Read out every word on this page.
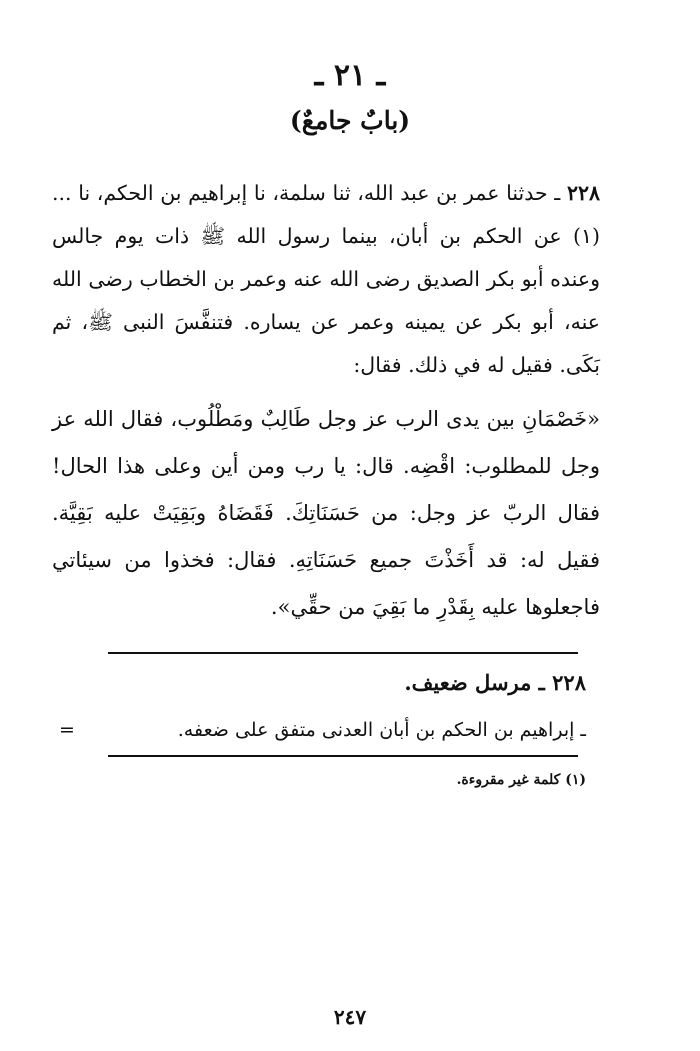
ـ ٢١ ـ
(بابٌ جامعٌ)

٢٢٨ ـ حدثنا عمر بن عبد الله، ثنا سلمة، نا إبراهيم بن الحكم، نا ... (١) عن الحكم بن أبان، بينما رسول الله ﷺ ذات يوم جالس وعنده أبو بكر الصديق رضى الله عنه وعمر بن الخطاب رضى الله عنه، أبو بكر عن يمينه وعمر عن يساره. فتنفَّسَ النبى ﷺ، ثم بَكَى. فقيل له في ذلك. فقال:

«خَصْمَانِ بين يدى الرب عز وجل طَالِبٌ ومَطْلُوب، فقال الله عز وجل للمطلوب: اقْضِه. قال: يا رب ومن أين وعلى هذا الحال! فقال الربّ عز وجل: من حَسَنَاتِكَ. فَقَضَاهُ وبَقِيَتْ عليه بَقِيَّة. فقيل له: قد أَخَذْتَ جميع حَسَنَاتِهِ. فقال: فخذوا من سيئاتي فاجعلوها عليه بِقَدْرِ ما بَقِيَ من حقِّي».

٢٢٨ ـ مرسل ضعيف.
ـ إبراهيم بن الحكم بن أبان العدنى متفق على ضعفه.
=
(١) كلمة غير مقروءة.
٢٤٧
